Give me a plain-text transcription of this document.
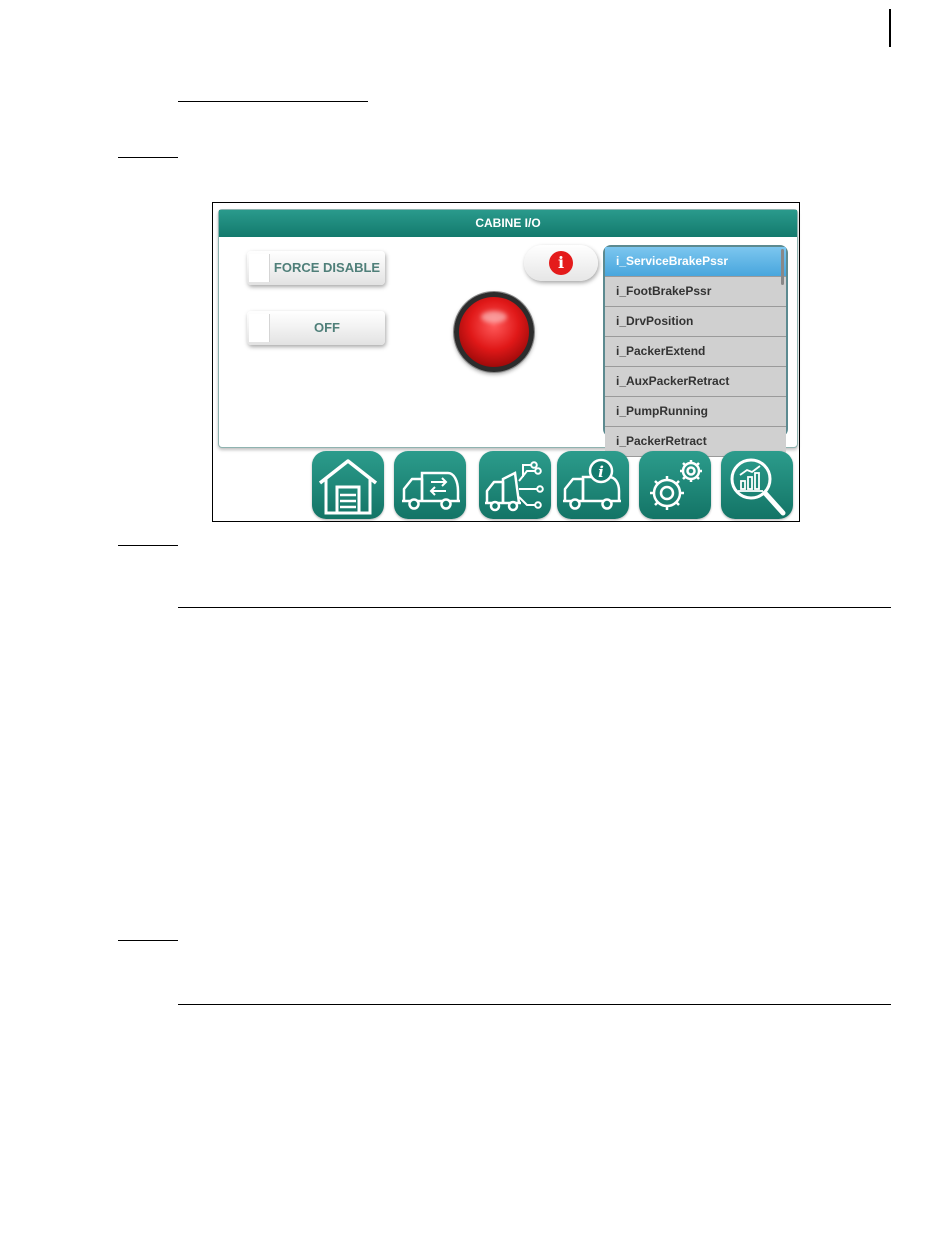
CABINE I/O
FORCE DISABLE
OFF
i	i_ServiceBrakePssr
i_FootBrakePssr
i_DrvPosition
i_PackerExtend
i_AuxPackerRetract
i_PumpRunning
i_PackerRetract
i
